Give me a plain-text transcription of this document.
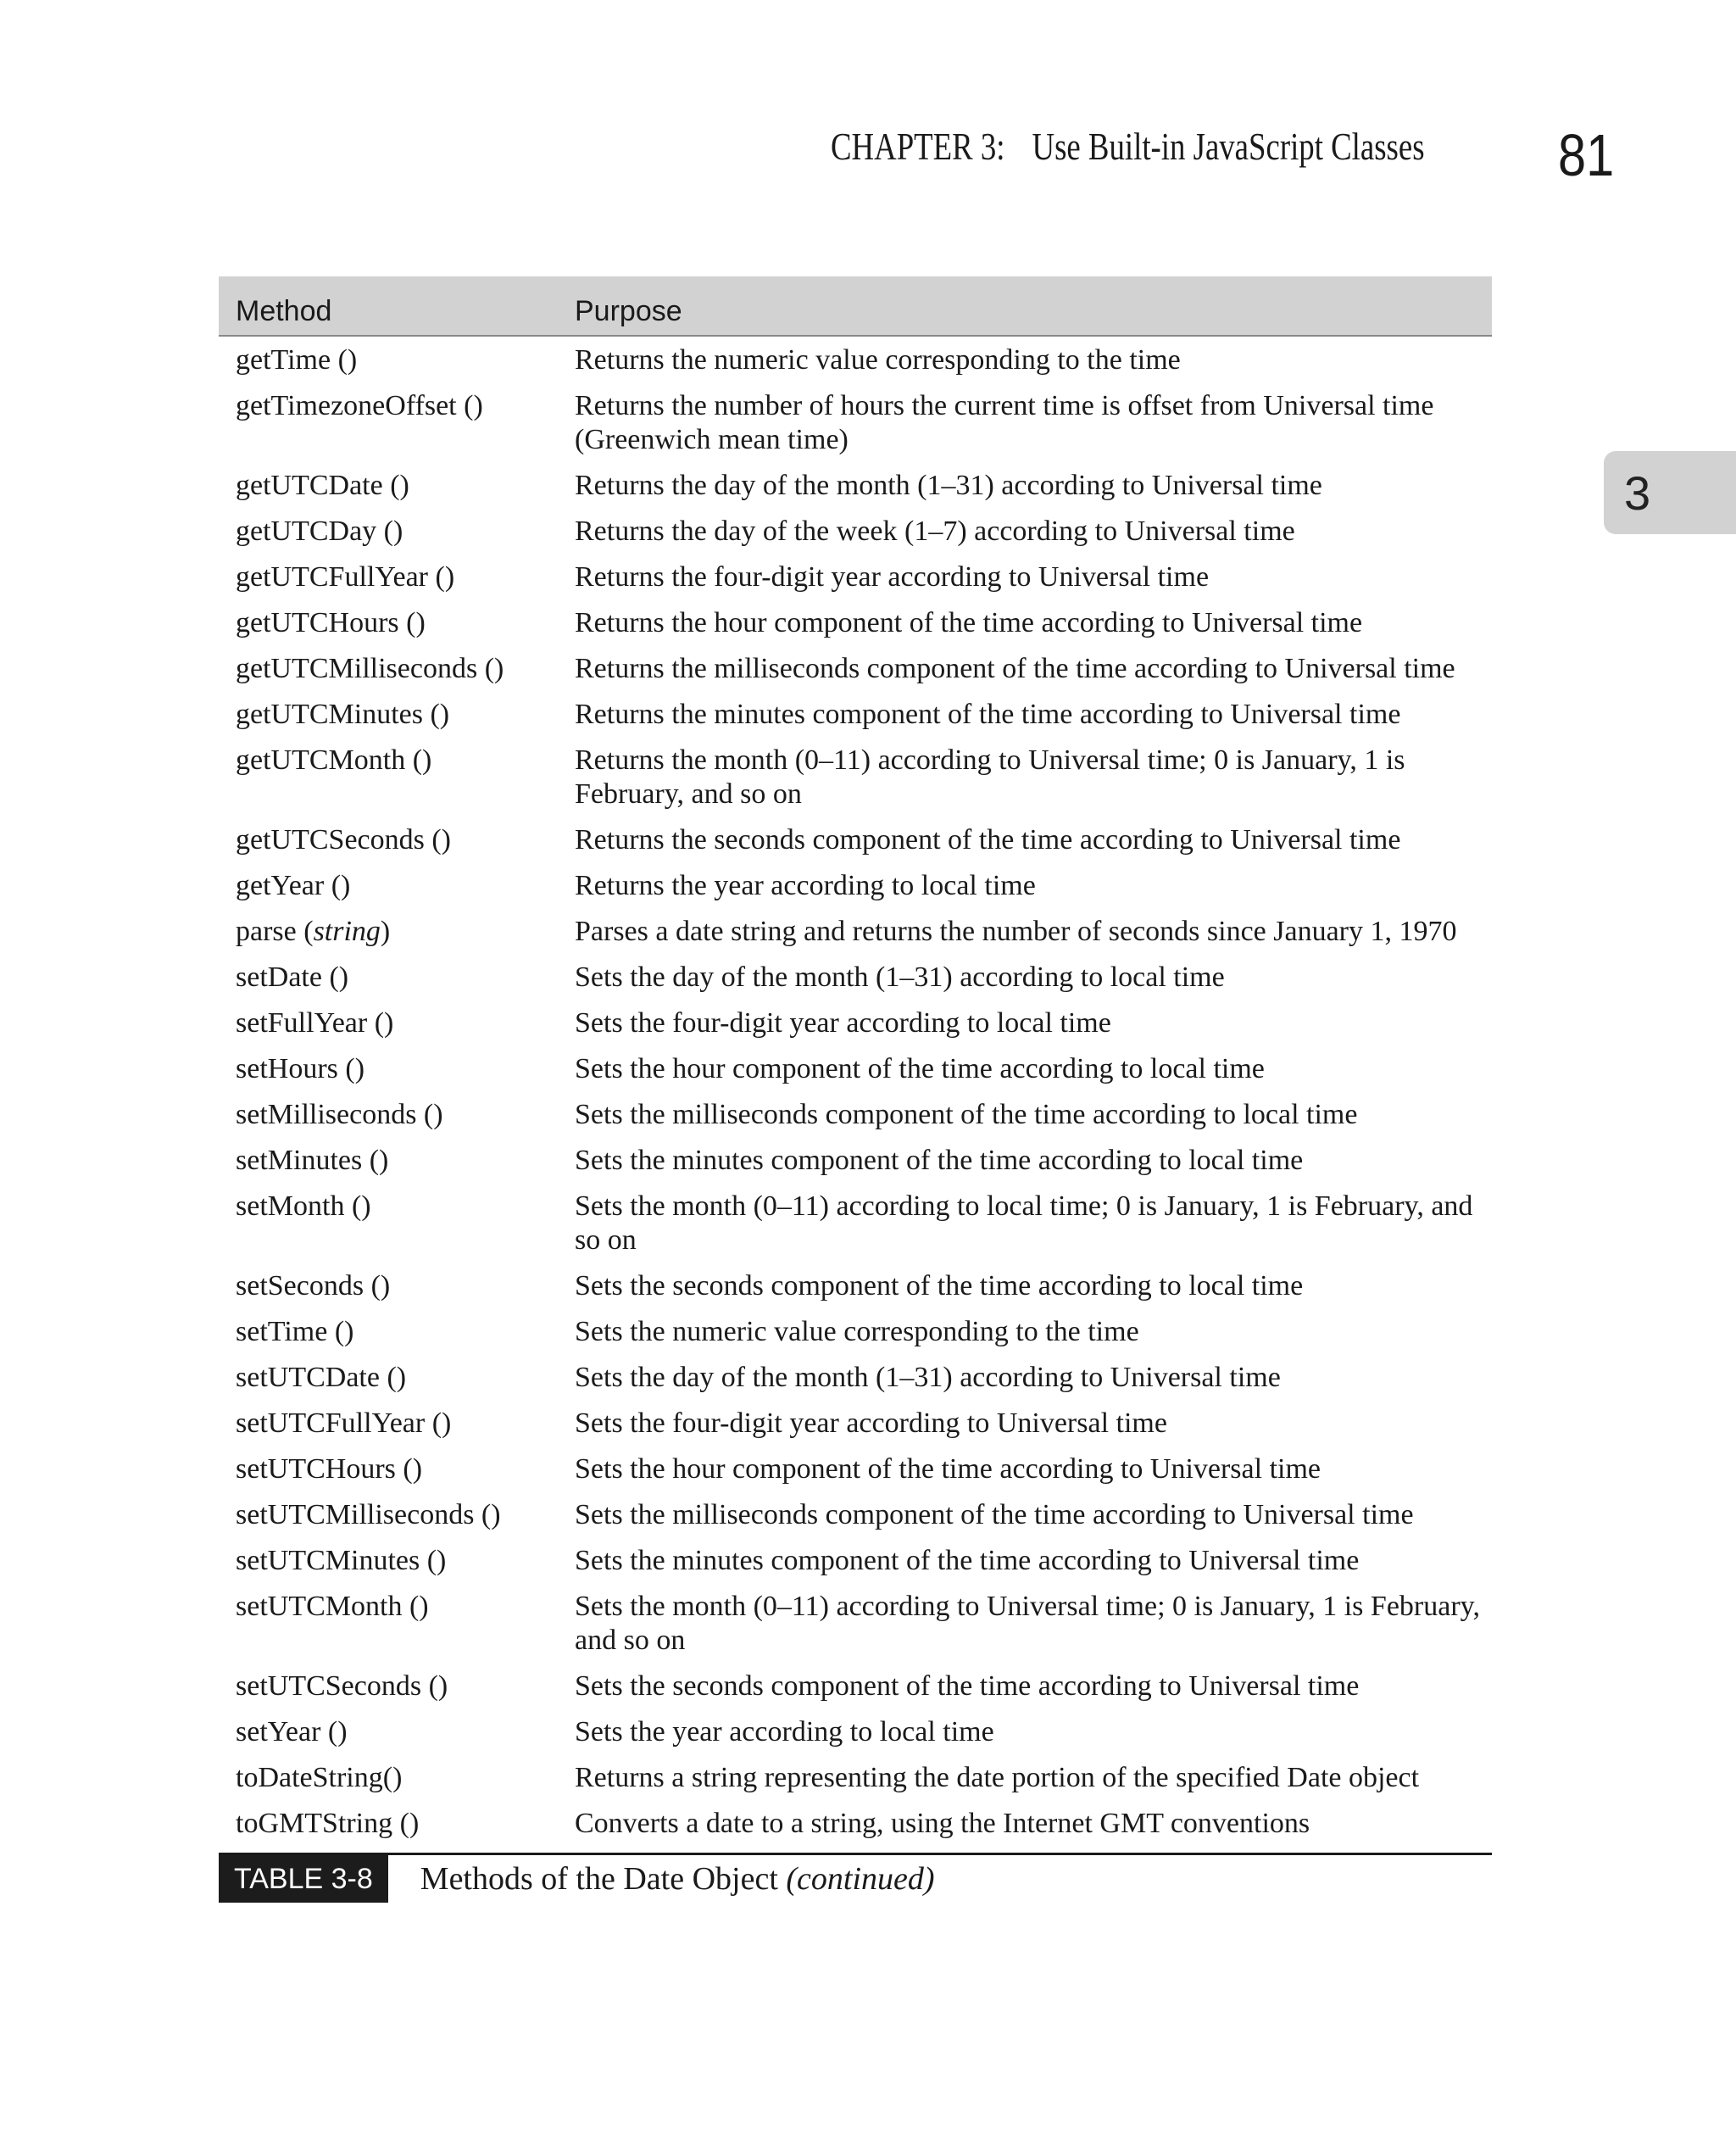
CHAPTER 3: Use Built-in JavaScript Classes 81
3
Method	Purpose
getTime ()	Returns the numeric value corresponding to the time
getTimezoneOffset ()	Returns the number of hours the current time is offset from Universal time (Greenwich mean time)
getUTCDate ()	Returns the day of the month (1–31) according to Universal time
getUTCDay ()	Returns the day of the week (1–7) according to Universal time
getUTCFullYear ()	Returns the four-digit year according to Universal time
getUTCHours ()	Returns the hour component of the time according to Universal time
getUTCMilliseconds ()	Returns the milliseconds component of the time according to Universal time
getUTCMinutes ()	Returns the minutes component of the time according to Universal time
getUTCMonth ()	Returns the month (0–11) according to Universal time; 0 is January, 1 is February, and so on
getUTCSeconds ()	Returns the seconds component of the time according to Universal time
getYear ()	Returns the year according to local time
parse (string)	Parses a date string and returns the number of seconds since January 1, 1970
setDate ()	Sets the day of the month (1–31) according to local time
setFullYear ()	Sets the four-digit year according to local time
setHours ()	Sets the hour component of the time according to local time
setMilliseconds ()	Sets the milliseconds component of the time according to local time
setMinutes ()	Sets the minutes component of the time according to local time
setMonth ()	Sets the month (0–11) according to local time; 0 is January, 1 is February, and so on
setSeconds ()	Sets the seconds component of the time according to local time
setTime ()	Sets the numeric value corresponding to the time
setUTCDate ()	Sets the day of the month (1–31) according to Universal time
setUTCFullYear ()	Sets the four-digit year according to Universal time
setUTCHours ()	Sets the hour component of the time according to Universal time
setUTCMilliseconds ()	Sets the milliseconds component of the time according to Universal time
setUTCMinutes ()	Sets the minutes component of the time according to Universal time
setUTCMonth ()	Sets the month (0–11) according to Universal time; 0 is January, 1 is February, and so on
setUTCSeconds ()	Sets the seconds component of the time according to Universal time
setYear ()	Sets the year according to local time
toDateString()	Returns a string representing the date portion of the specified Date object
toGMTString ()	Converts a date to a string, using the Internet GMT conventions
TABLE 3-8	Methods of the Date Object (continued)
